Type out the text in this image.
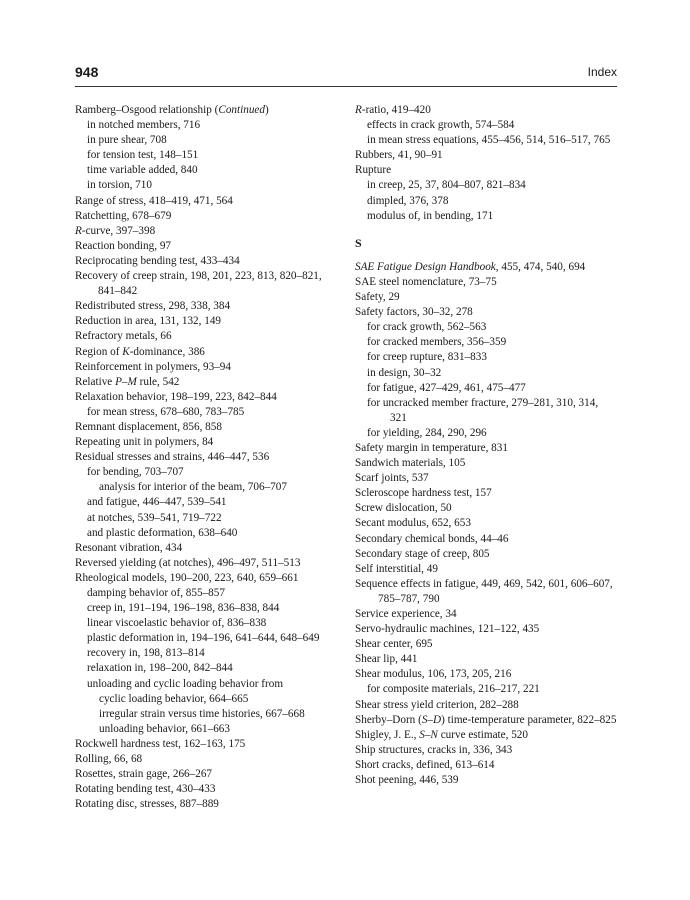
948	Index
Ramberg–Osgood relationship (Continued)
in notched members, 716
in pure shear, 708
for tension test, 148–151
time variable added, 840
in torsion, 710
Range of stress, 418–419, 471, 564
Ratchetting, 678–679
R-curve, 397–398
Reaction bonding, 97
Reciprocating bending test, 433–434
Recovery of creep strain, 198, 201, 223, 813, 820–821, 841–842
Redistributed stress, 298, 338, 384
Reduction in area, 131, 132, 149
Refractory metals, 66
Region of K-dominance, 386
Reinforcement in polymers, 93–94
Relative P–M rule, 542
Relaxation behavior, 198–199, 223, 842–844
for mean stress, 678–680, 783–785
Remnant displacement, 856, 858
Repeating unit in polymers, 84
Residual stresses and strains, 446–447, 536
for bending, 703–707
analysis for interior of the beam, 706–707
and fatigue, 446–447, 539–541
at notches, 539–541, 719–722
and plastic deformation, 638–640
Resonant vibration, 434
Reversed yielding (at notches), 496–497, 511–513
Rheological models, 190–200, 223, 640, 659–661
damping behavior of, 855–857
creep in, 191–194, 196–198, 836–838, 844
linear viscoelastic behavior of, 836–838
plastic deformation in, 194–196, 641–644, 648–649
recovery in, 198, 813–814
relaxation in, 198–200, 842–844
unloading and cyclic loading behavior from
cyclic loading behavior, 664–665
irregular strain versus time histories, 667–668
unloading behavior, 661–663
Rockwell hardness test, 162–163, 175
Rolling, 66, 68
Rosettes, strain gage, 266–267
Rotating bending test, 430–433
Rotating disc, stresses, 887–889
R-ratio, 419–420
effects in crack growth, 574–584
in mean stress equations, 455–456, 514, 516–517, 765
Rubbers, 41, 90–91
Rupture
in creep, 25, 37, 804–807, 821–834
dimpled, 376, 378
modulus of, in bending, 171
S
SAE Fatigue Design Handbook, 455, 474, 540, 694
SAE steel nomenclature, 73–75
Safety, 29
Safety factors, 30–32, 278
for crack growth, 562–563
for cracked members, 356–359
for creep rupture, 831–833
in design, 30–32
for fatigue, 427–429, 461, 475–477
for uncracked member fracture, 279–281, 310, 314, 321
for yielding, 284, 290, 296
Safety margin in temperature, 831
Sandwich materials, 105
Scarf joints, 537
Scleroscope hardness test, 157
Screw dislocation, 50
Secant modulus, 652, 653
Secondary chemical bonds, 44–46
Secondary stage of creep, 805
Self interstitial, 49
Sequence effects in fatigue, 449, 469, 542, 601, 606–607, 785–787, 790
Service experience, 34
Servo-hydraulic machines, 121–122, 435
Shear center, 695
Shear lip, 441
Shear modulus, 106, 173, 205, 216
for composite materials, 216–217, 221
Shear stress yield criterion, 282–288
Sherby–Dorn (S–D) time-temperature parameter, 822–825
Shigley, J. E., S–N curve estimate, 520
Ship structures, cracks in, 336, 343
Short cracks, defined, 613–614
Shot peening, 446, 539
